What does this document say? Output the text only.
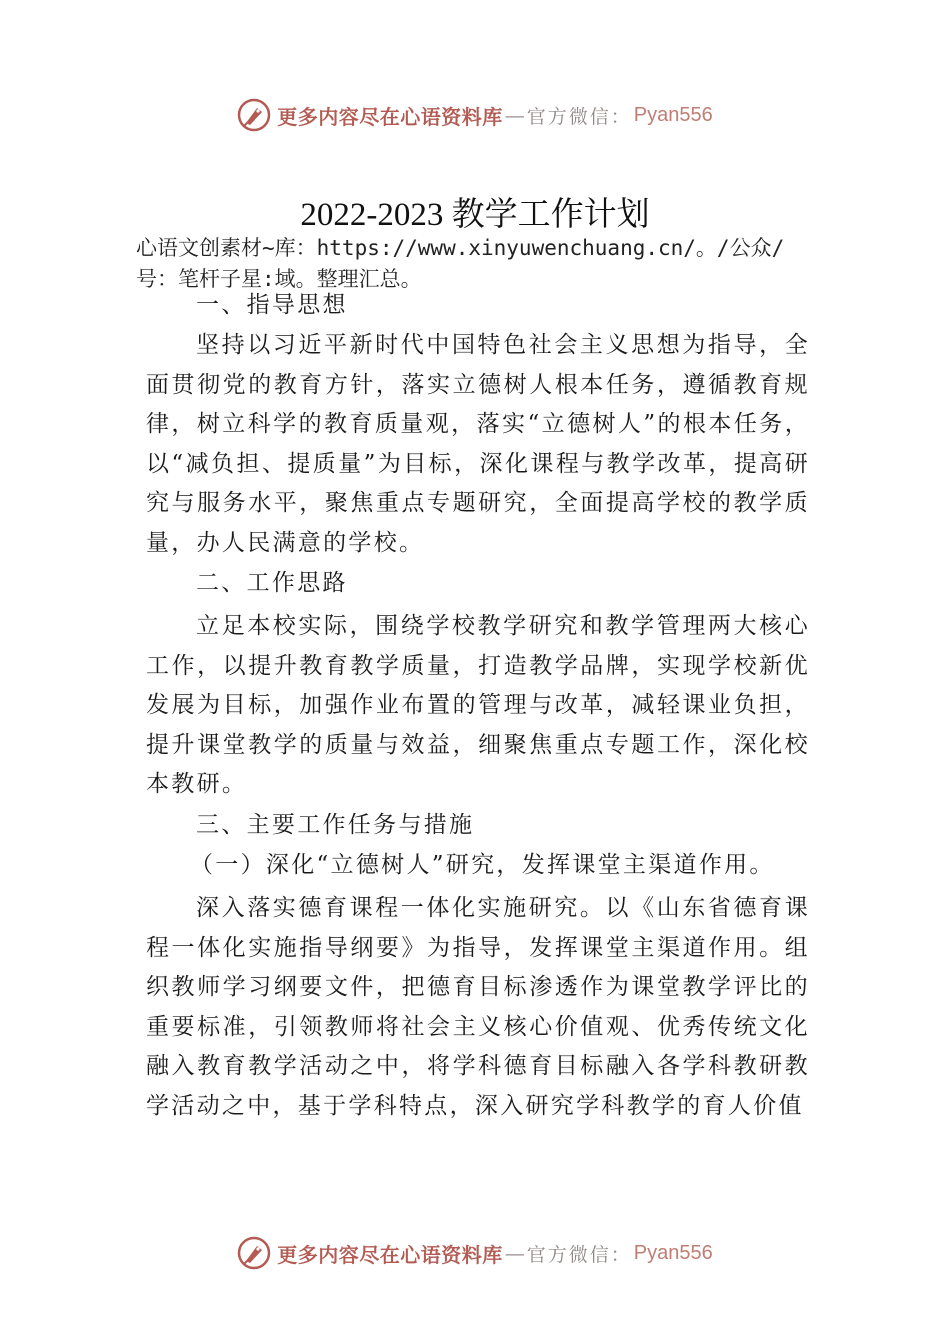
更多内容尽在心语资料库 — 官方微信： Pyan556
2022-2023 教学工作计划
心语文创素材~库：https://www.xinyuwenchuang.cn/。/公众/号：笔杆子星:域。整理汇总。
一、指导思想
坚持以习近平新时代中国特色社会主义思想为指导，全面贯彻党的教育方针，落实立德树人根本任务，遵循教育规律，树立科学的教育质量观，落实“立德树人”的根本任务，以“减负担、提质量”为目标，深化课程与教学改革，提高研究与服务水平，聚焦重点专题研究，全面提高学校的教学质量，办人民满意的学校。
二、工作思路
立足本校实际，围绕学校教学研究和教学管理两大核心工作，以提升教育教学质量，打造教学品牌，实现学校新优发展为目标，加强作业布置的管理与改革，减轻课业负担， 提升课堂教学的质量与效益，细聚焦重点专题工作，深化校本教研。
三、主要工作任务与措施
（一）深化“立德树人”研究，发挥课堂主渠道作用。
深入落实德育课程一体化实施研究。以《山东省德育课程一体化实施指导纲要》为指导，发挥课堂主渠道作用。组织教师学习纲要文件，把德育目标渗透作为课堂教学评比的重要标准，引领教师将社会主义核心价值观、优秀传统文化融入教育教学活动之中，将学科德育目标融入各学科教研教学活动之中，基于学科特点，深入研究学科教学的育人价值
更多内容尽在心语资料库 — 官方微信： Pyan556
